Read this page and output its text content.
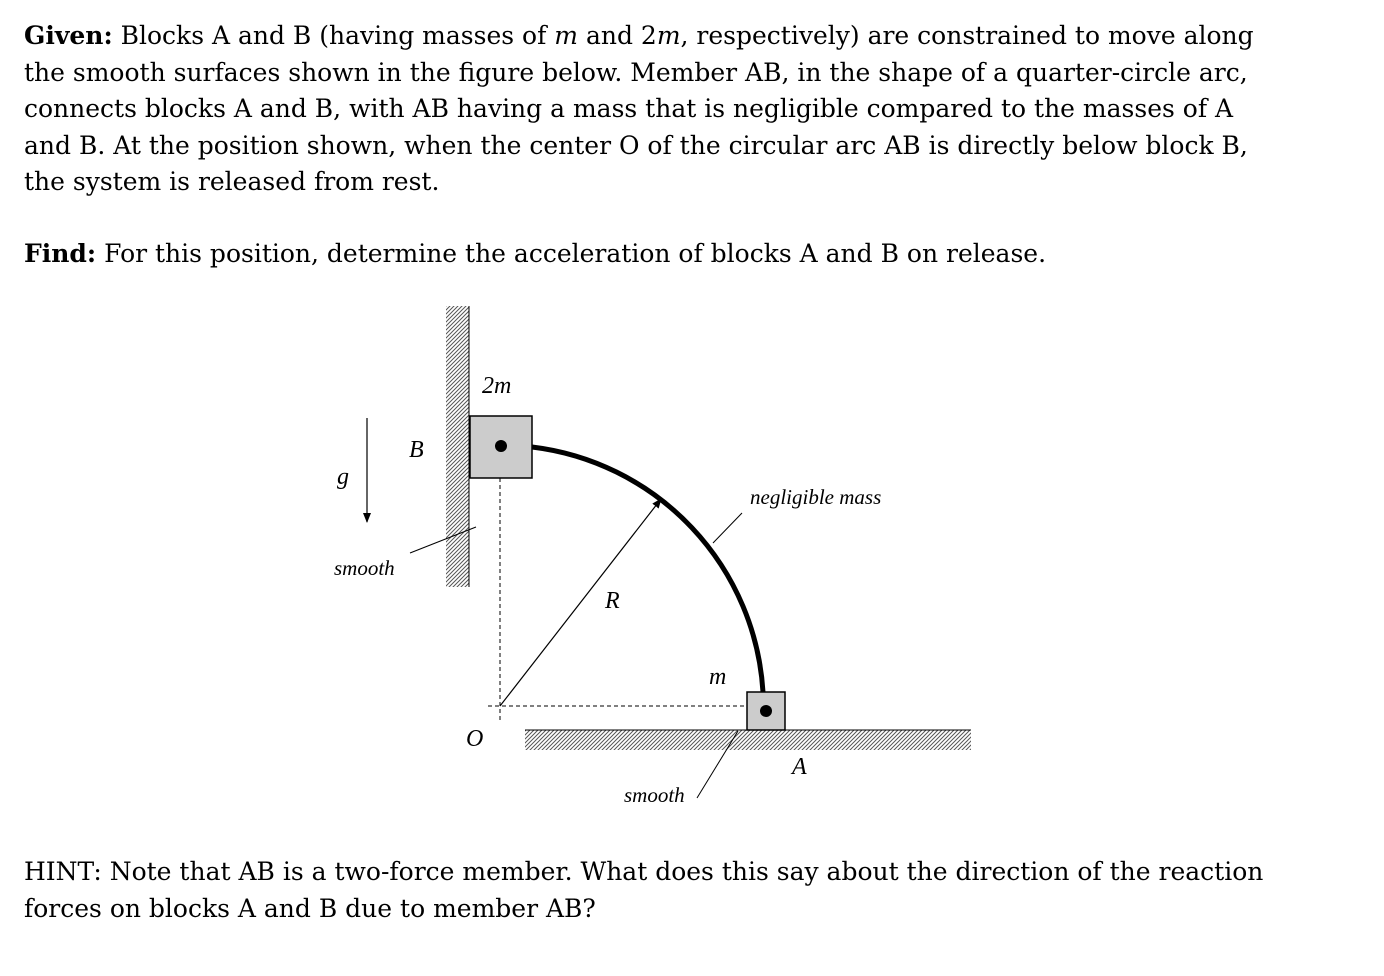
Given: Blocks A and B (having masses of m and 2m, respectively) are constrained to move along the smooth surfaces shown in the figure below. Member AB, in the shape of a quarter-circle arc, connects blocks A and B, with AB having a mass that is negligible compared to the masses of A and B. At the position shown, when the center O of the circular arc AB is directly below block B, the system is released from rest.

Find: For this position, determine the acceleration of blocks A and B on release.

2m
B
g
smooth
negligible mass
R
m
O
A
smooth

HINT: Note that AB is a two-force member. What does this say about the direction of the reaction forces on blocks A and B due to member AB?
